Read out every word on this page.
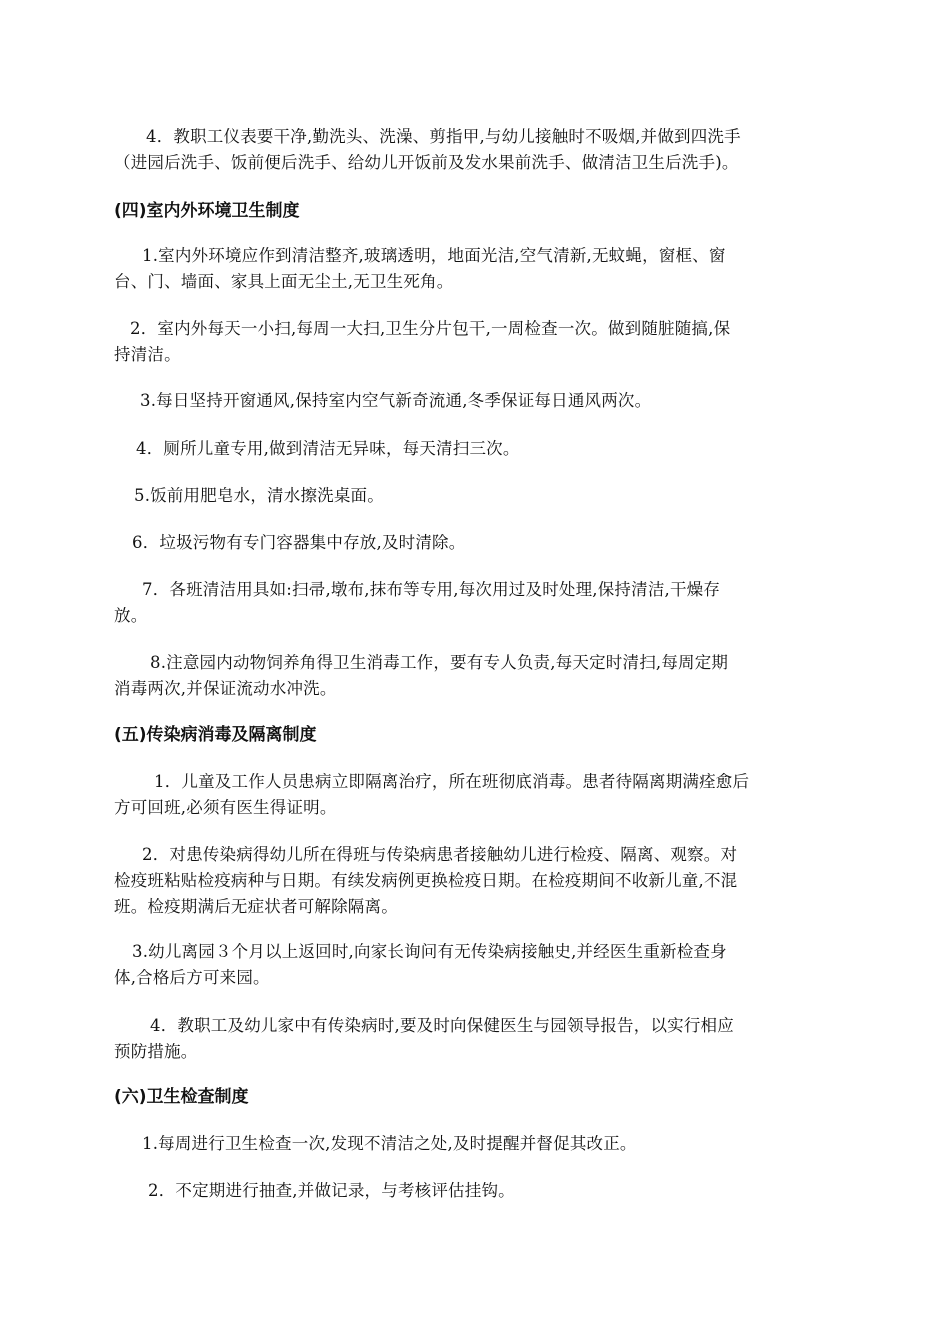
4．教职工仪表要干净,勤洗头、洗澡、剪指甲,与幼儿接触时不吸烟,并做到四洗手
（进园后洗手、饭前便后洗手、给幼儿开饭前及发水果前洗手、做清洁卫生后洗手)。

(四)室内外环境卫生制度

1.室内外环境应作到清洁整齐,玻璃透明，地面光洁,空气清新,无蚊蝇，窗框、窗
台、门、墙面、家具上面无尘土,无卫生死角。

2．室内外每天一小扫,每周一大扫,卫生分片包干,一周检查一次。做到随脏随搞,保
持清洁。

3.每日坚持开窗通风,保持室内空气新奇流通,冬季保证每日通风两次。

4．厕所儿童专用,做到清洁无异味，每天清扫三次。

5.饭前用肥皂水，清水擦洗桌面。

6．垃圾污物有专门容器集中存放,及时清除。

7．各班清洁用具如:扫帚,墩布,抹布等专用,每次用过及时处理,保持清洁,干燥存
放。

8.注意园内动物饲养角得卫生消毒工作，要有专人负责,每天定时清扫,每周定期
消毒两次,并保证流动水冲洗。

(五)传染病消毒及隔离制度

1．儿童及工作人员患病立即隔离治疗，所在班彻底消毒。患者待隔离期满痊愈后
方可回班,必须有医生得证明。

2．对患传染病得幼儿所在得班与传染病患者接触幼儿进行检疫、隔离、观察。对
检疫班粘贴检疫病种与日期。有续发病例更换检疫日期。在检疫期间不收新儿童,不混
班。检疫期满后无症状者可解除隔离。

3.幼儿离园３个月以上返回时,向家长询问有无传染病接触史,并经医生重新检查身
体,合格后方可来园。

4．教职工及幼儿家中有传染病时,要及时向保健医生与园领导报告，以实行相应
预防措施。

(六)卫生检查制度

1.每周进行卫生检查一次,发现不清洁之处,及时提醒并督促其改正。

2．不定期进行抽查,并做记录，与考核评估挂钩。
